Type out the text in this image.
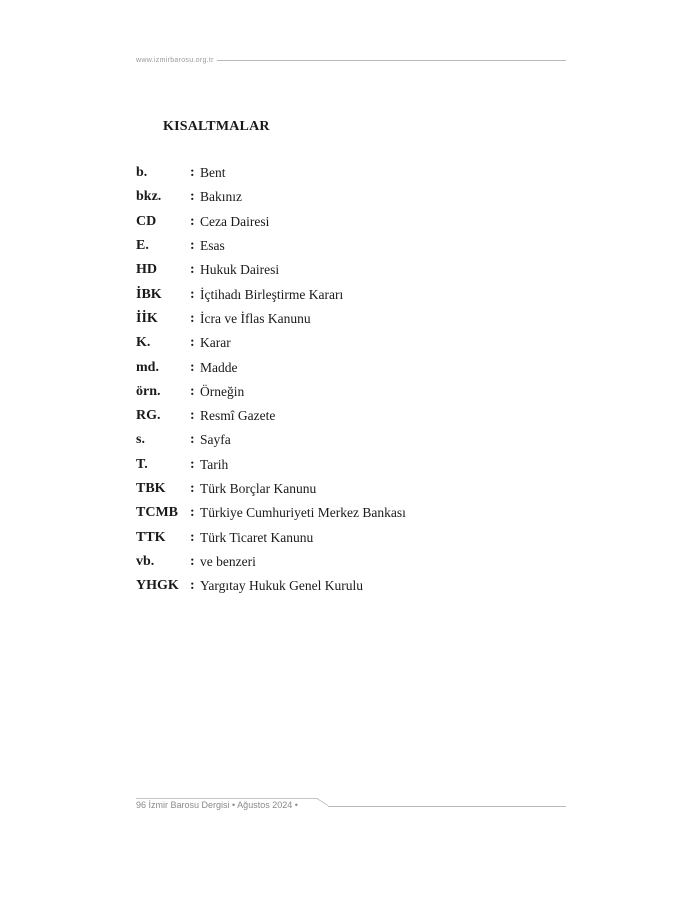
www.izmirbarosu.org.tr
KISALTMALAR
b.	: Bent
bkz.	: Bakınız
CD	: Ceza Dairesi
E.	: Esas
HD	: Hukuk Dairesi
İBK	: İçtihadı Birleştirme Kararı
İİK	: İcra ve İflas Kanunu
K.	: Karar
md.	: Madde
örn.	: Örneğin
RG.	: Resmî Gazete
s.	: Sayfa
T.	: Tarih
TBK	: Türk Borçlar Kanunu
TCMB : Türkiye Cumhuriyeti Merkez Bankası
TTK	: Türk Ticaret Kanunu
vb.	: ve benzeri
YHGK : Yargıtay Hukuk Genel Kurulu
96 İzmir Barosu Dergisi • Ağustos 2024 •
